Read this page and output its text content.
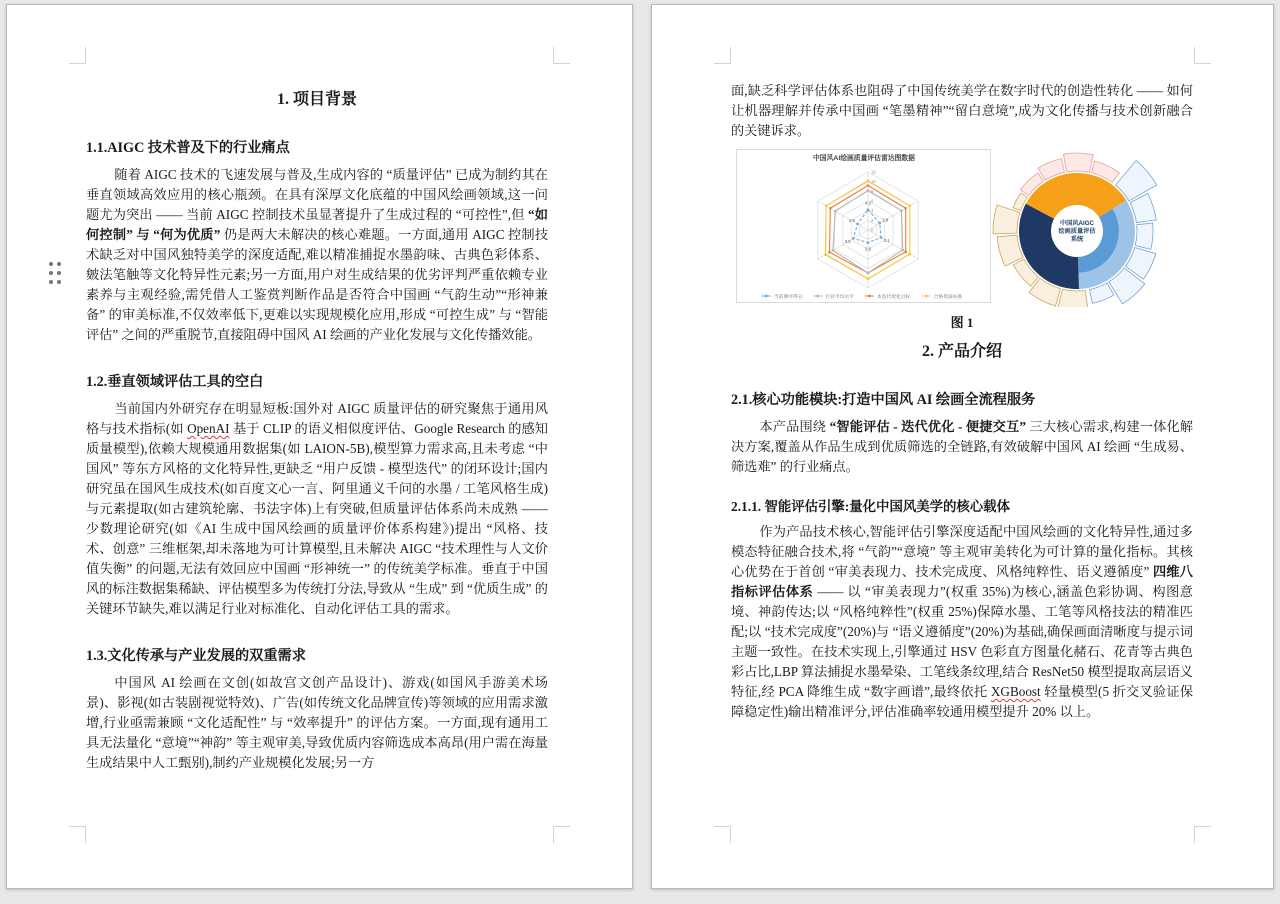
1. 项目背景
1.1.AIGC 技术普及下的行业痛点

随着 AIGC 技术的飞速发展与普及,生成内容的 “质量评估” 已成为制约其在垂直领域高效应用的核心瓶颈。在具有深厚文化底蕴的中国风绘画领域,这一问题尤为突出 —— 当前 AIGC 控制技术虽显著提升了生成过程的 “可控性”,但 “如何控制” 与 “何为优质” 仍是两大未解决的核心难题。一方面,通用 AIGC 控制技术缺乏对中国风独特美学的深度适配,难以精准捕捉水墨韵味、古典色彩体系、皴法笔触等文化特异性元素;另一方面,用户对生成结果的优劣评判严重依赖专业素养与主观经验,需凭借人工鉴赏判断作品是否符合中国画 “气韵生动”“形神兼备” 的审美标准,不仅效率低下,更难以实现规模化应用,形成 “可控生成” 与 “智能评估” 之间的严重脱节,直接阻碍中国风 AI 绘画的产业化发展与文化传播效能。

1.2.垂直领域评估工具的空白

当前国内外研究存在明显短板:国外对 AIGC 质量评估的研究聚焦于通用风格与技术指标(如 OpenAI 基于 CLIP 的语义相似度评估、Google Research 的感知质量模型),依赖大规模通用数据集(如 LAION-5B),模型算力需求高,且未考虑 “中国风” 等东方风格的文化特异性,更缺乏 “用户反馈 - 模型迭代” 的闭环设计;国内研究虽在国风生成技术(如百度文心一言、阿里通义千问的水墨 / 工笔风格生成)与元素提取(如古建筑轮廓、书法字体)上有突破,但质量评估体系尚未成熟 —— 少数理论研究(如《AI 生成中国风绘画的质量评价体系构建》)提出 “风格、技术、创意” 三维框架,却未落地为可计算模型,且未解决 AIGC “技术理性与人文价值失衡” 的问题,无法有效回应中国画 “形神统一” 的传统美学标准。垂直于中国风的标注数据集稀缺、评估模型多为传统打分法,导致从 “生成” 到 “优质生成” 的关键环节缺失,难以满足行业对标准化、自动化评估工具的需求。

1.3.文化传承与产业发展的双重需求

中国风 AI 绘画在文创(如故宫文创产品设计)、游戏(如国风手游美术场景)、影视(如古装剧视觉特效)、广告(如传统文化品牌宣传)等领域的应用需求激增,行业亟需兼顾 “文化适配性” 与 “效率提升” 的评估方案。一方面,现有通用工具无法量化 “意境”“神韵” 等主观审美,导致优质内容筛选成本高昂(用户需在海量生成结果中人工甄别),制约产业规模化发展;另一方

面,缺乏科学评估体系也阻碍了中国传统美学在数字时代的创造性转化 —— 如何让机器理解并传承中国画 “笔墨精神”“留白意境”,成为文化传播与技术创新融合的关键诉求。

0
2
4
6
8
10
12
4.2
2.8
3.1
2.6
3.5
2.5
中国风AI绘画质量评估雷达图数据
当前测评得分	行业平均水平	本迭代优化目标	合格优质标准
中国风AIGC
绘画质量评估
系统

图 1

2. 产品介绍
2.1.核心功能模块:打造中国风 AI 绘画全流程服务

本产品围绕 “智能评估 - 迭代优化 - 便捷交互” 三大核心需求,构建一体化解决方案,覆盖从作品生成到优质筛选的全链路,有效破解中国风 AI 绘画 “生成易、筛选难” 的行业痛点。

2.1.1. 智能评估引擎:量化中国风美学的核心载体

作为产品技术核心,智能评估引擎深度适配中国风绘画的文化特异性,通过多模态特征融合技术,将 “气韵”“意境” 等主观审美转化为可计算的量化指标。其核心优势在于首创 “审美表现力、技术完成度、风格纯粹性、语义遵循度” 四维八指标评估体系 —— 以 “审美表现力”(权重 35%)为核心,涵盖色彩协调、构图意境、神韵传达;以 “风格纯粹性”(权重 25%)保障水墨、工笔等风格技法的精准匹配;以 “技术完成度”(20%)与 “语义遵循度”(20%)为基础,确保画面清晰度与提示词主题一致性。在技术实现上,引擎通过 HSV 色彩直方图量化赭石、花青等古典色彩占比,LBP 算法捕捉水墨晕染、工笔线条纹理,结合 ResNet50 模型提取高层语义特征,经 PCA 降维生成 “数字画谱”,最终依托 XGBoost 轻量模型(5 折交叉验证保障稳定性)输出精准评分,评估准确率较通用模型提升 20% 以上。
